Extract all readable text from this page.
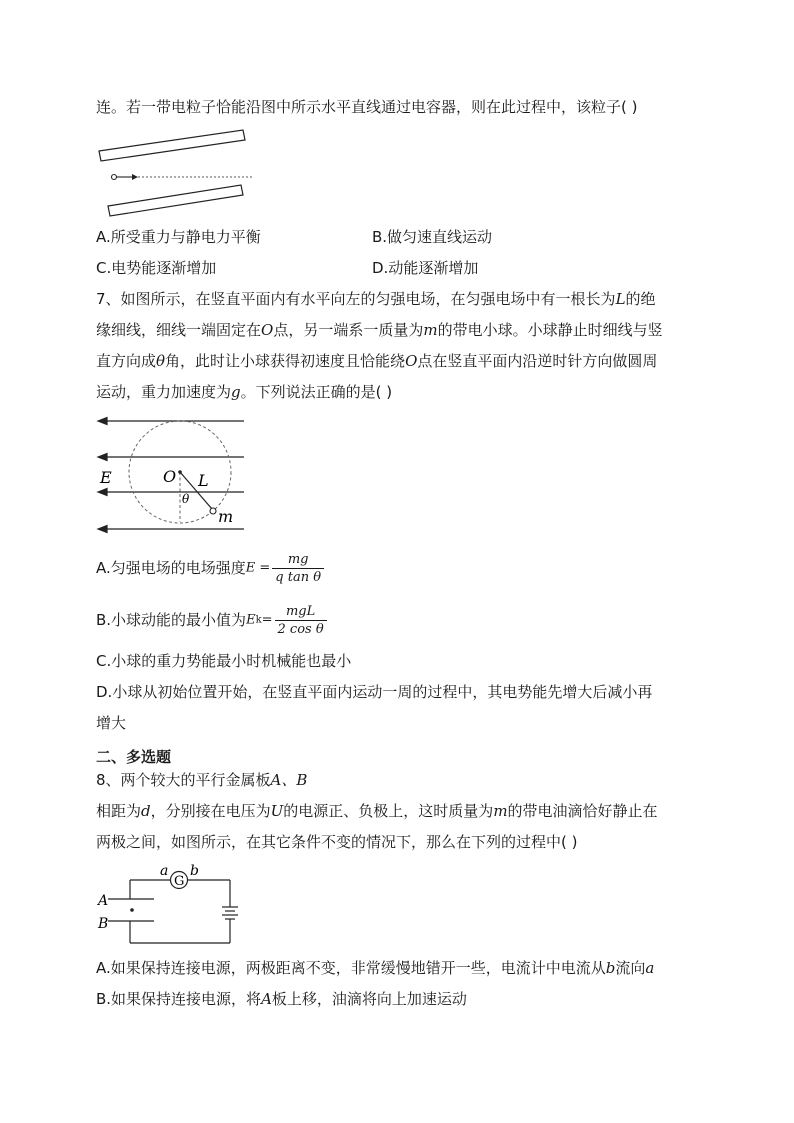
连。若一带电粒子恰能沿图中所示水平直线通过电容器，则在此过程中，该粒子( )
A.所受重力与静电力平衡	B.做匀速直线运动
C.电势能逐渐增加	D.动能逐渐增加
7、如图所示，在竖直平面内有水平向左的匀强电场，在匀强电场中有一根长为L的绝
缘细线，细线一端固定在O点，另一端系一质量为m的带电小球。小球静止时细线与竖
直方向成θ角，此时让小球获得初速度且恰能绕O点在竖直平面内沿逆时针方向做圆周
运动，重力加速度为g。下列说法正确的是( )
E	O L
θ
m
A.匀强电场的电场强度$E = \frac{mg}{\text{q tan θ}}$
B.小球动能的最小值为$Ek= \frac{\text{mgL}}{\text{2 cos θ}}$
C.小球的重力势能最小时机械能也最小
D.小球从初始位置开始，在竖直平面内运动一周的过程中，其电势能先增大后减小再
增大
二、多选题
8、两个较大的平行金属板A、B
相距为d，分别接在电压为U的电源正、负极上，这时质量为m的带电油滴恰好静止在
两极之间，如图所示，在其它条件不变的情况下，那么在下列的过程中( )
G
a b
A
B
A.如果保持连接电源，两极距离不变，非常缓慢地错开一些，电流计中电流从b流向a
B.如果保持连接电源，将A板上移，油滴将向上加速运动
